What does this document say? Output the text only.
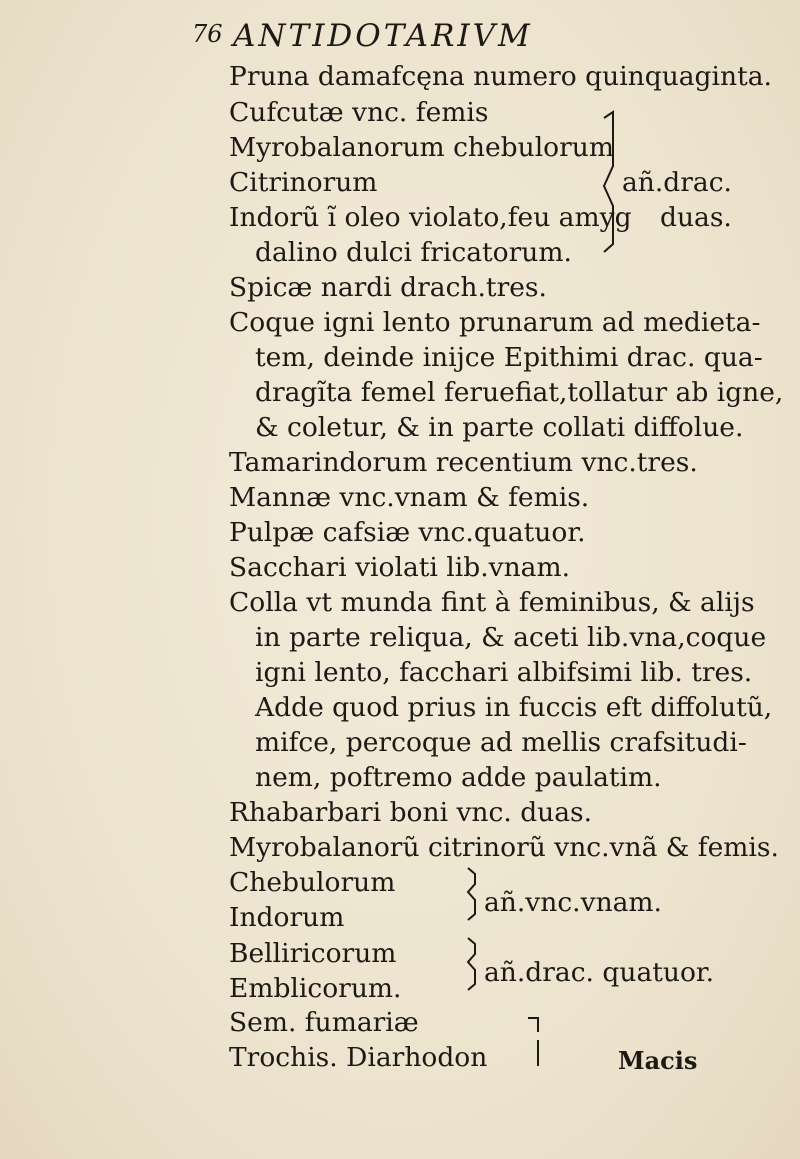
76 ANTIDOTARIVM
Pruna damafcęna numero quinquaginta.
Cufcutæ vnc. femis
Myrobalanorum chebulorum
Citrinorum
Indorũ ĩ oleo violato,feu amyg
dalino dulci fricatorum.
Spicæ nardi drach.tres.
Coque igni lento prunarum ad medieta-
tem, deinde inijce Epithimi drac. qua-
dragĩta femel feruefiat,tollatur ab igne,
& coletur, & in parte collati diffolue.
Tamarindorum recentium vnc.tres.
Mannæ vnc.vnam & femis.
Pulpæ cafsiæ vnc.quatuor.
Sacchari violati lib.vnam.
Colla vt munda fint à feminibus, & alijs
in parte reliqua, & aceti lib.vna,coque
igni lento, facchari albifsimi lib. tres.
Adde quod prius in fuccis eft diffolutũ,
mifce, percoque ad mellis crafsitudi-
nem, poftremo adde paulatim.
Rhabarbari boni vnc. duas.
Myrobalanorũ citrinorũ vnc.vnã & femis.
Chebulorum
Indorum
Belliricorum
Emblicorum.
Sem. fumariæ
Trochis. Diarhodon
añ.drac.
duas.
añ.vnc.vnam.
añ.drac. quatuor.
Macis
